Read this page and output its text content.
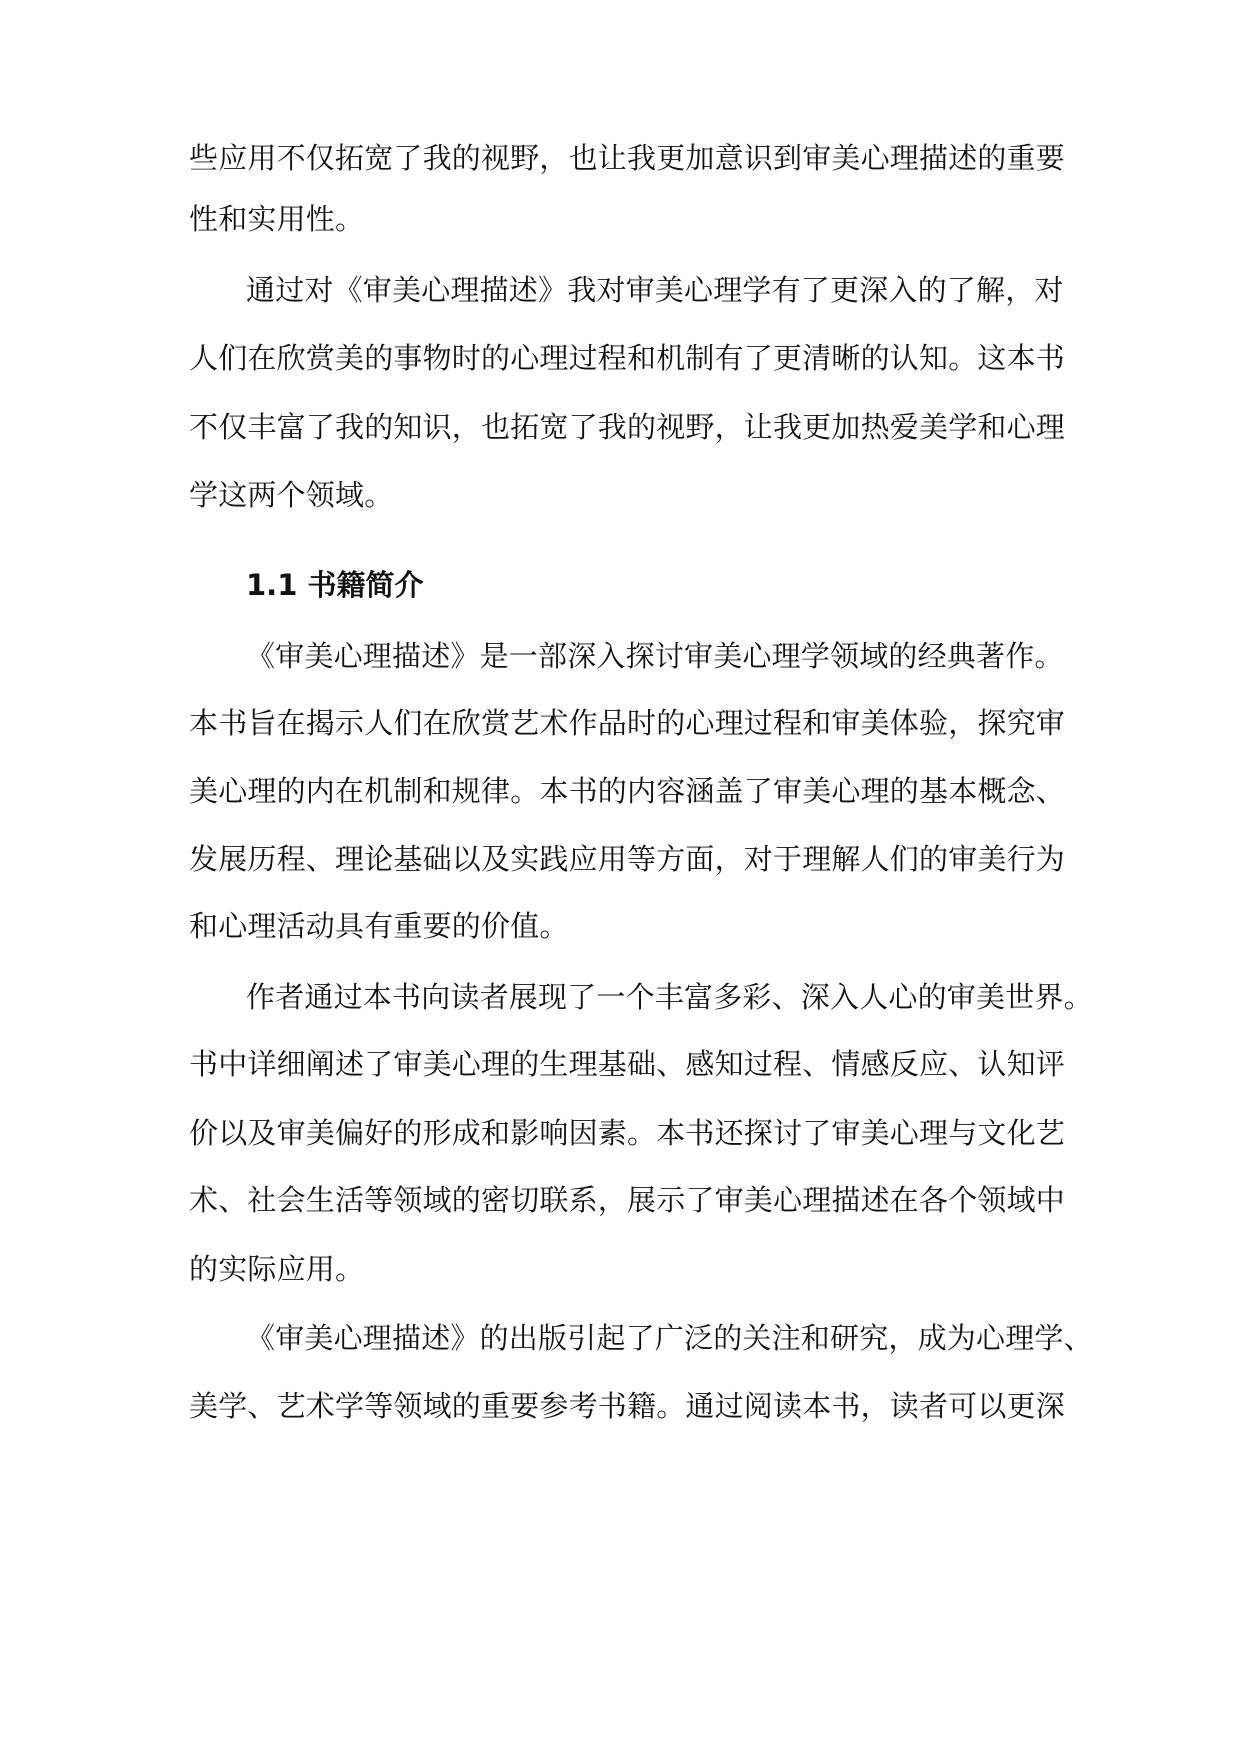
些应用不仅拓宽了我的视野，也让我更加意识到审美心理描述的重要
性和实用性。
通过对《审美心理描述》我对审美心理学有了更深入的了解，对
人们在欣赏美的事物时的心理过程和机制有了更清晰的认知。这本书
不仅丰富了我的知识，也拓宽了我的视野，让我更加热爱美学和心理
学这两个领域。
1.1 书籍简介
《审美心理描述》是一部深入探讨审美心理学领域的经典著作。
本书旨在揭示人们在欣赏艺术作品时的心理过程和审美体验，探究审
美心理的内在机制和规律。本书的内容涵盖了审美心理的基本概念、
发展历程、理论基础以及实践应用等方面，对于理解人们的审美行为
和心理活动具有重要的价值。
作者通过本书向读者展现了一个丰富多彩、深入人心的审美世界。
书中详细阐述了审美心理的生理基础、感知过程、情感反应、认知评
价以及审美偏好的形成和影响因素。本书还探讨了审美心理与文化艺
术、社会生活等领域的密切联系，展示了审美心理描述在各个领域中
的实际应用。
《审美心理描述》的出版引起了广泛的关注和研究，成为心理学、
美学、艺术学等领域的重要参考书籍。通过阅读本书，读者可以更深
